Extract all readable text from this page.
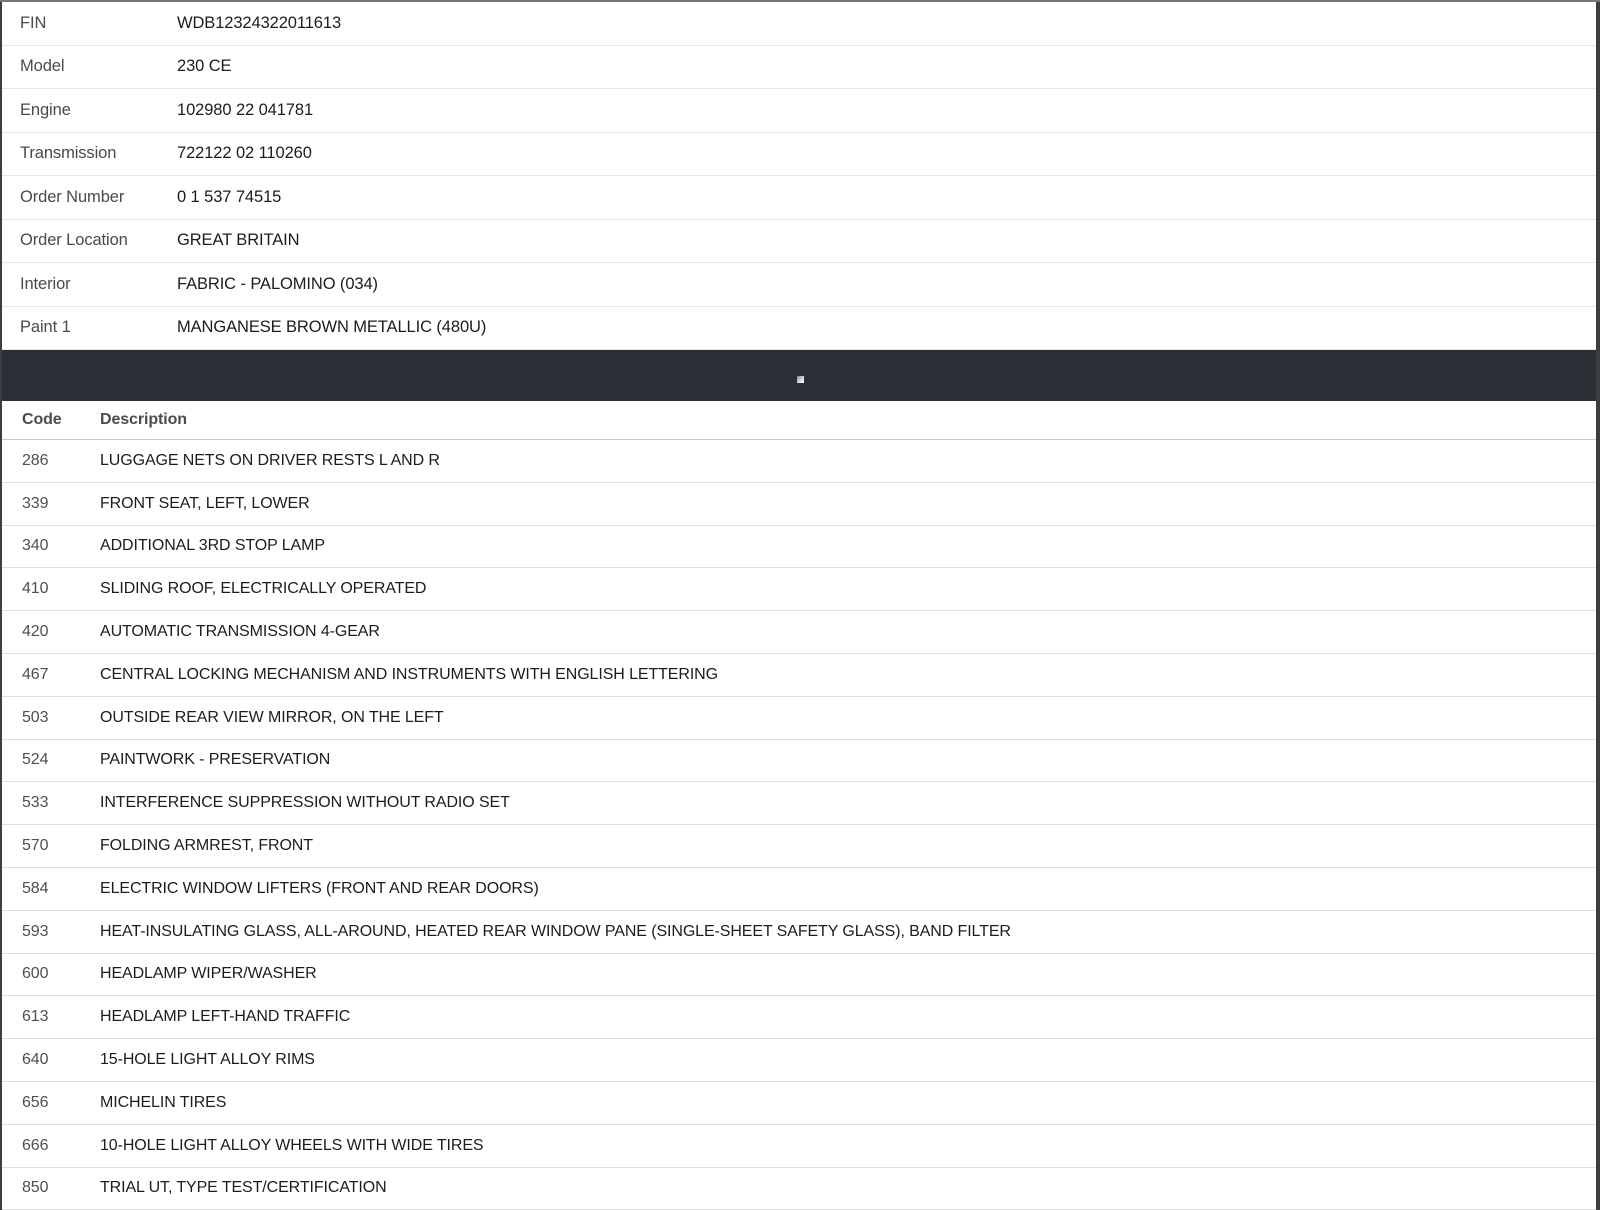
FIN	WDB12324322011613
Model	230 CE
Engine	102980 22 041781
Transmission	722122 02 110260
Order Number	0 1 537 74515
Order Location	GREAT BRITAIN
Interior	FABRIC - PALOMINO (034)
Paint 1	MANGANESE BROWN METALLIC (480U)
Code	Description
286	LUGGAGE NETS ON DRIVER RESTS L AND R
339	FRONT SEAT, LEFT, LOWER
340	ADDITIONAL 3RD STOP LAMP
410	SLIDING ROOF, ELECTRICALLY OPERATED
420	AUTOMATIC TRANSMISSION 4-GEAR
467	CENTRAL LOCKING MECHANISM AND INSTRUMENTS WITH ENGLISH LETTERING
503	OUTSIDE REAR VIEW MIRROR, ON THE LEFT
524	PAINTWORK - PRESERVATION
533	INTERFERENCE SUPPRESSION WITHOUT RADIO SET
570	FOLDING ARMREST, FRONT
584	ELECTRIC WINDOW LIFTERS (FRONT AND REAR DOORS)
593	HEAT-INSULATING GLASS, ALL-AROUND, HEATED REAR WINDOW PANE (SINGLE-SHEET SAFETY GLASS), BAND FILTER
600	HEADLAMP WIPER/WASHER
613	HEADLAMP LEFT-HAND TRAFFIC
640	15-HOLE LIGHT ALLOY RIMS
656	MICHELIN TIRES
666	10-HOLE LIGHT ALLOY WHEELS WITH WIDE TIRES
850	TRIAL UT, TYPE TEST/CERTIFICATION
